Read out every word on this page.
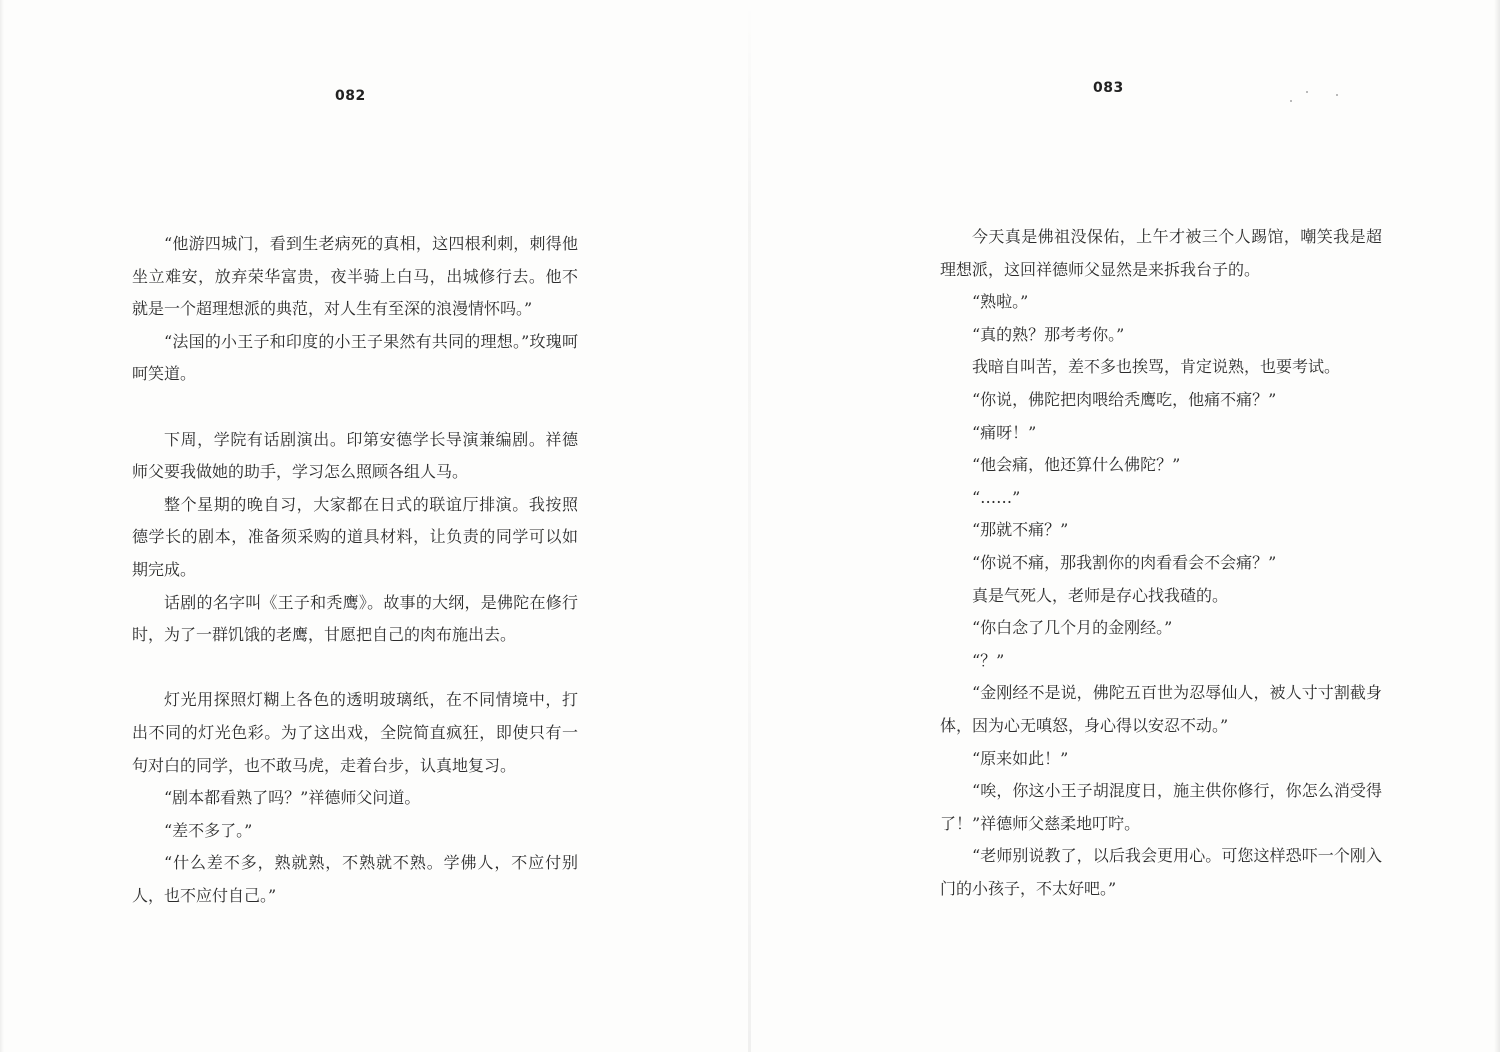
082

“他游四城门，看到生老病死的真相，这四根利刺，刺得他坐立难安，放弃荣华富贵，夜半骑上白马，出城修行去。他不就是一个超理想派的典范，对人生有至深的浪漫情怀吗。”

“法国的小王子和印度的小王子果然有共同的理想。”玫瑰呵呵笑道。

下周，学院有话剧演出。印第安德学长导演兼编剧。祥德师父要我做她的助手，学习怎么照顾各组人马。

整个星期的晚自习，大家都在日式的联谊厅排演。我按照德学长的剧本，准备须采购的道具材料，让负责的同学可以如期完成。

话剧的名字叫《王子和秃鹰》。故事的大纲，是佛陀在修行时，为了一群饥饿的老鹰，甘愿把自己的肉布施出去。

灯光用探照灯糊上各色的透明玻璃纸，在不同情境中，打出不同的灯光色彩。为了这出戏，全院简直疯狂，即使只有一句对白的同学，也不敢马虎，走着台步，认真地复习。

“剧本都看熟了吗？”祥德师父问道。

“差不多了。”

“什么差不多，熟就熟，不熟就不熟。学佛人，不应付别人，也不应付自己。”

083

今天真是佛祖没保佑，上午才被三个人踢馆，嘲笑我是超理想派，这回祥德师父显然是来拆我台子的。

“熟啦。”

“真的熟？那考考你。”

我暗自叫苦，差不多也挨骂，肯定说熟，也要考试。

“你说，佛陀把肉喂给秃鹰吃，他痛不痛？”

“痛呀！”

“他会痛，他还算什么佛陀？”

“……”

“那就不痛？”

“你说不痛，那我割你的肉看看会不会痛？”

真是气死人，老师是存心找我碴的。

“你白念了几个月的金刚经。”

“？”

“金刚经不是说，佛陀五百世为忍辱仙人，被人寸寸割截身体，因为心无嗔怒，身心得以安忍不动。”

“原来如此！”

“唉，你这小王子胡混度日，施主供你修行，你怎么消受得了！”祥德师父慈柔地叮咛。

“老师别说教了，以后我会更用心。可您这样恐吓一个刚入门的小孩子，不太好吧。”
